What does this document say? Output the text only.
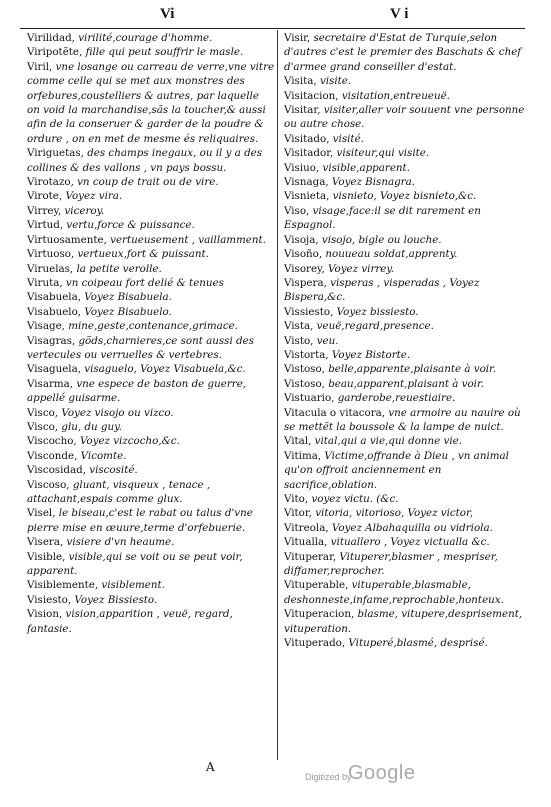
Vi	V i
Virilidad, virilité,courage d'homme.
Viripotẽte, fille qui peut souffrir le masle.
Viril, vne losange ou carreau de verre,vne vitre comme celle qui se met aux monstres des orfebures,coustelliers & autres, par laquelle on void la marchandise,sãs la toucher,& aussi afin de la conseruer & garder de la poudre & ordure , on en met de mesme és reliquaires.
Viriguetas, des champs inegaux, ou il y a des collines & des vallons , vn pays bossu.
Virotazo, vn coup de trait ou de vire.
Virote, Voyez vira.
Virrey, viceroy.
Virtud, vertu,force & puissance.
Virtuosamente, vertueusement , vaillamment.
Virtuoso, vertueux,fort & puissant.
Viruelas, la petite verolle.
Viruta, vn coipeau fort delié & tenues
Visabuela, Voyez Bisabuela.
Visabuelo, Voyez Bisabuelo.
Visage, mine,geste,contenance,grimace.
Visagras, gõds,charnieres,ce sont aussi des vertecules ou verruelles & vertebres.
Visaguela, visaguelo, Voyez Visabuela,&c.
Visarma, vne espece de baston de guerre, appellé guisarme.
Visco, Voyez visojo ou vizco.
Visco, glu, du guy.
Viscocho, Voyez vizcocho,&c.
Visconde, Vicomte.
Viscosidad, viscosité.
Viscoso, gluant, visqueux , tenace , attachant,espais comme glux.
Visel, le biseau,c'est le rabat ou talus d'vne pierre mise en œuure,terme d'orfebuerie.
Visera, visiere d'vn heaume.
Visible, visible,qui se voit ou se peut voir, apparent.
Visiblemente, visiblement.
Visiesto, Voyez Bissiesto.
Vision, vision,apparition , veuë, regard, fantasie.
Visir, secretaire d'Estat de Turquie,selon d'autres c'est le premier des Baschats & chef d'armee grand conseiller d'estat.
Visita, visite.
Visitacion, visitation,entreueuë.
Visitar, visiter,aller voir souuent vne personne ou autre chose.
Visitado, visité.
Visitador, visiteur,qui visite.
Visiuo, visible,apparent.
Visnaga, Voyez Bisnagra.
Visnieta, visnieto, Voyez bisnieto,&c.
Viso, visage,face:il se dit rarement en Espagnol.
Visoja, visojo, bigle ou louche.
Visoño, nouueau soldat,apprenty.
Visorey, Voyez virrey.
Vispera, visperas , visperadas , Voyez Bispera,&c.
Vissiesto, Voyez bissiesto.
Vista, veuë,regard,presence.
Visto, veu.
Vistorta, Voyez Bistorte.
Vistoso, belle,apparente,plaisante à voir.
Vistoso, beau,apparent,plaisant à voir.
Vistuario, garderobe,reuestiaire.
Vitacula o vitacora, vne armoire au nauire où se mettẽt la boussole & la lampe de nuict.
Vital, vital,qui a vie,qui donne vie.
Vitima, Victime,offrande à Dieu , vn animal qu'on offroit anciennement en sacrifice,oblation.
Vito, voyez victu. (&c.
Vitor, vitoria, vitorioso, Voyez victor,
Vitreola, Voyez Albahaquilla ou vidriola.
Vitualla, vituallero , Voyez victualla &c.
Vituperar, Vituperer,blasmer , mespriser, diffamer,reprocher.
Vituperable, vituperable,blasmable, deshonneste,infame,reprochable,honteux.
Vituperacion, blasme, vitupere,desprisement, vituperation.
Vituperado, Vituperé,blasmé, desprisé.
A
Digitized by
Google
